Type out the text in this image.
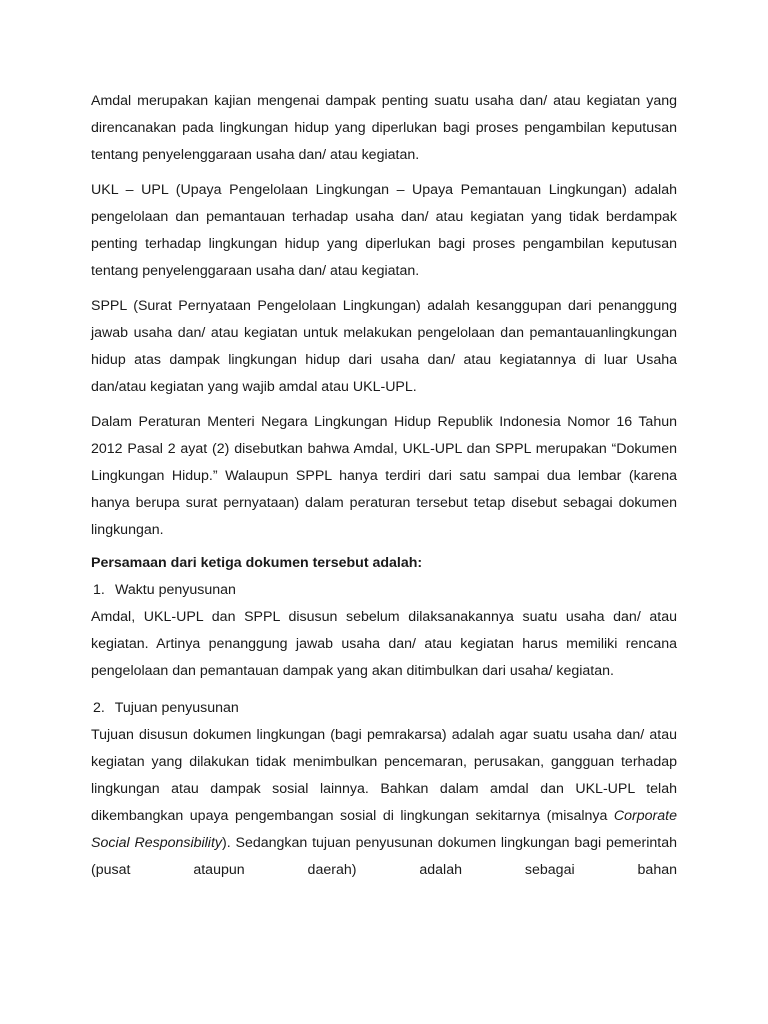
Amdal merupakan kajian mengenai dampak penting suatu usaha dan/ atau kegiatan yang direncanakan pada lingkungan hidup yang diperlukan bagi proses pengambilan keputusan tentang penyelenggaraan usaha dan/ atau kegiatan.

UKL – UPL (Upaya Pengelolaan Lingkungan – Upaya Pemantauan Lingkungan) adalah pengelolaan dan pemantauan terhadap usaha dan/ atau kegiatan yang tidak berdampak penting terhadap lingkungan hidup yang diperlukan bagi proses pengambilan keputusan tentang penyelenggaraan usaha dan/ atau kegiatan.

SPPL (Surat Pernyataan Pengelolaan Lingkungan) adalah kesanggupan dari penanggung jawab usaha dan/ atau kegiatan untuk melakukan pengelolaan dan pemantauanlingkungan hidup atas dampak lingkungan hidup dari usaha dan/ atau kegiatannya di luar Usaha dan/atau kegiatan yang wajib amdal atau UKL-UPL.

Dalam Peraturan Menteri Negara Lingkungan Hidup Republik Indonesia Nomor 16 Tahun 2012 Pasal 2 ayat (2) disebutkan bahwa Amdal, UKL-UPL dan SPPL merupakan “Dokumen Lingkungan Hidup.” Walaupun SPPL hanya terdiri dari satu sampai dua lembar (karena hanya berupa surat pernyataan) dalam peraturan tersebut tetap disebut sebagai dokumen lingkungan.

Persamaan dari ketiga dokumen tersebut adalah:

1. Waktu penyusunan

Amdal, UKL-UPL dan SPPL disusun sebelum dilaksanakannya suatu usaha dan/ atau kegiatan. Artinya penanggung jawab usaha dan/ atau kegiatan harus memiliki rencana pengelolaan dan pemantauan dampak yang akan ditimbulkan dari usaha/ kegiatan.

2. Tujuan penyusunan

Tujuan disusun dokumen lingkungan (bagi pemrakarsa) adalah agar suatu usaha dan/ atau kegiatan yang dilakukan tidak menimbulkan pencemaran, perusakan, gangguan terhadap lingkungan atau dampak sosial lainnya. Bahkan dalam amdal dan UKL-UPL telah dikembangkan upaya pengembangan sosial di lingkungan sekitarnya (misalnya Corporate Social Responsibility). Sedangkan tujuan penyusunan dokumen lingkungan bagi pemerintah (pusat ataupun daerah) adalah sebagai bahan
